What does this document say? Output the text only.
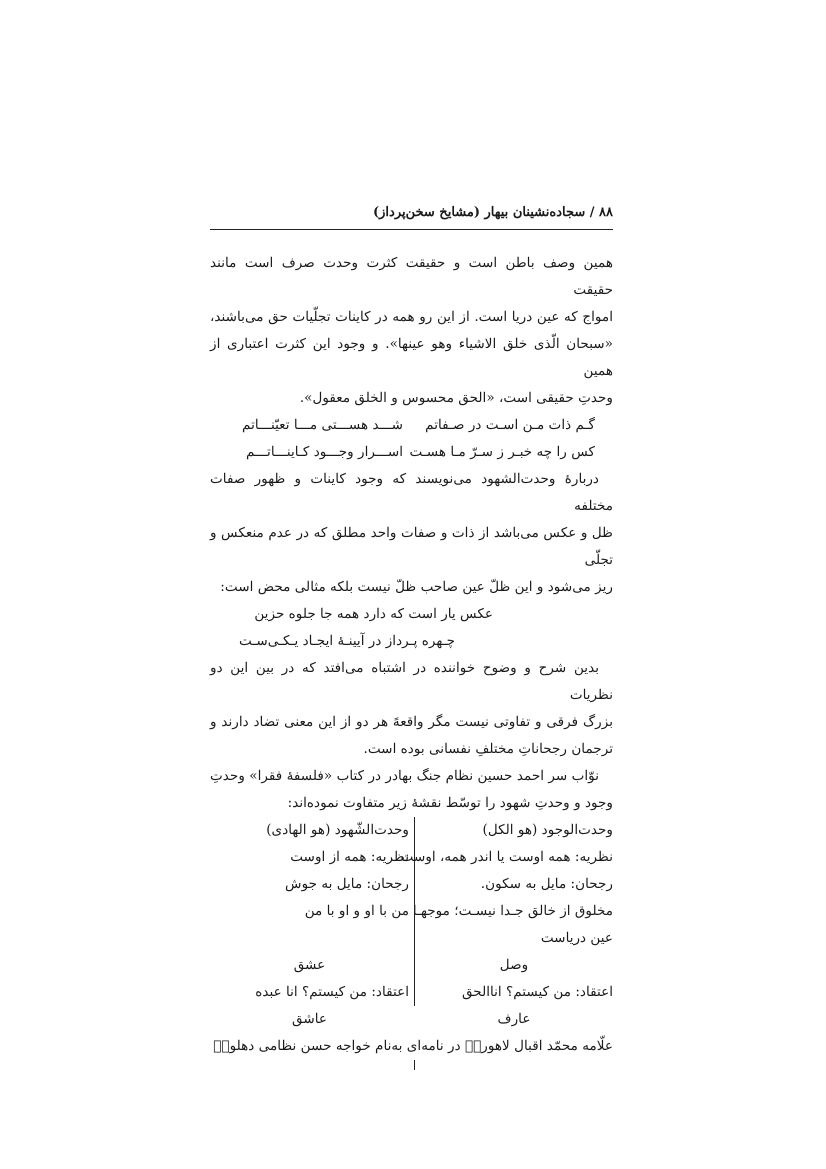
۸۸ / سجاده‌نشینان بیهار (مشایخ سخن‌پرداز)

همین وصف باطن است و حقیقت کثرت وحدت صرف است مانند حقیقت
امواج که عین دریا است. از این رو همه در کاینات تجلّیات حق می‌باشند،
«سبحان الّذی خلق الاشیاء وهو عینها». و وجود این کثرت اعتباری از همین
وحدتِ حقیقی است، «الحق محسوس و الخلق معقول».

گـم ذات مـن اسـت در صـفاتم
شـــد هســـتی مـــا تعیّنـــاتم
کس را چه خبـر ز سـرّ مـا هسـت
اســـرار وجـــود کـاینـــاتـــم

دربارهٔ وحدت‌الشهود می‌نویسند که وجود کاینات و ظهور صفات مختلفه
ظل و عکس می‌باشد از ذات و صفات واحد مطلق که در عدم منعکس و تجلّی
ریز می‌شود و این ظلّ عین صاحب ظلّ نیست بلکه مثالی محض است:

عکس یار است که دارد همه جا جلوه حزین
چـهره پـرداز در آیینـهٔ ایجـاد یـکـی‌سـت

بدین شرح و وضوح خواننده در اشتباه می‌افتد که در بین این دو نظریات
بزرگ فرقی و تفاوتی نیست مگر واقعهً هر دو از این معنی تضاد دارند و
ترجمان رجحاناتِ مختلفِ نفسانی بوده است.

نوّاب سر احمد حسین نظام جنگ بهادر در کتاب «فلسفهٔ فقرا» وحدتِ
وجود و وحدتِ شهود را توسّط نقشهٔ زیر متفاوت نموده‌اند:

وحدت‌الوجود (هو الکل)
وحدت‌الشّهود (هو الهادی)
نظریه: همه اوست یا اندر همه، اوست
نظریه: همه از اوست
رجحان: مایل به سکون.
رجحان: مایل به جوش
مخلوق از خالق جـدا نیسـت؛ موجهـا
من با او و او با من
عین دریاست
وصل
عشق
اعتقاد: من کیستم؟ اناالحق
اعتقاد: من کیستم؟ انا عبده
عارف
عاشق
علّامه محمّد اقبال لاهوریؒ در نامه‌ای به‌نام خواجه حسن نظامی دهلویؒ
